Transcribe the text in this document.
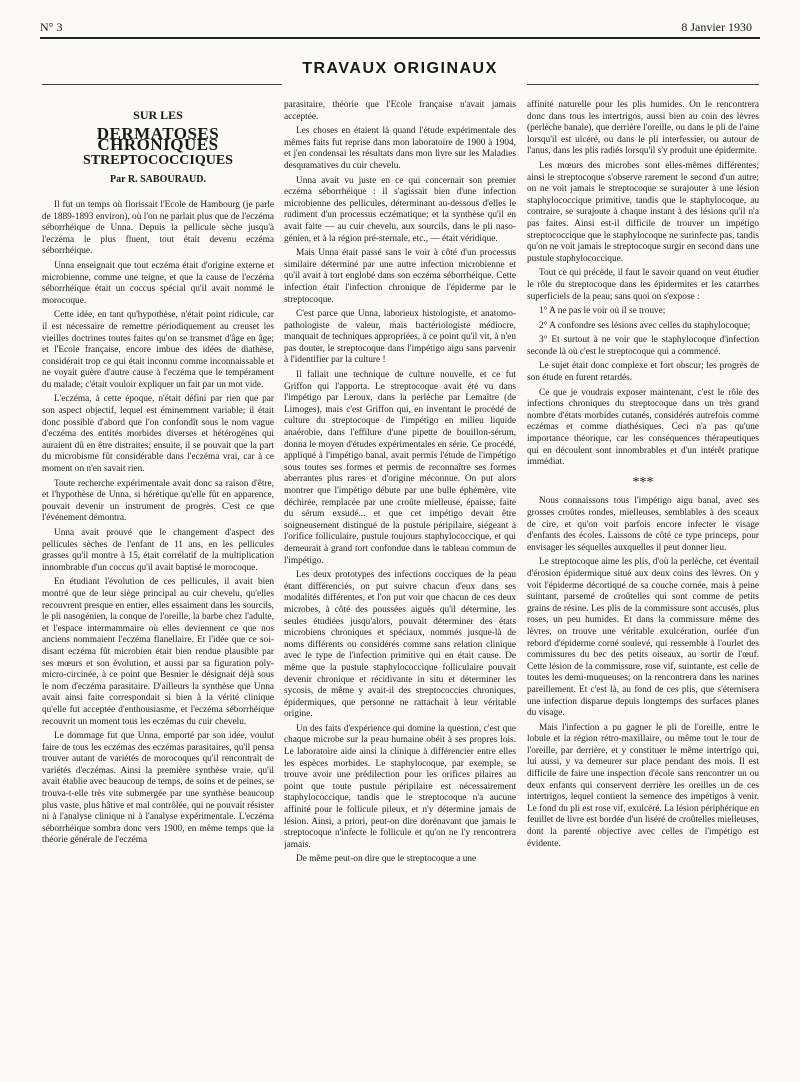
N° 3	8 Janvier 1930
TRAVAUX ORIGINAUX
SUR LES
DERMATOSES CHRONIQUES
STREPTOCOCCIQUES
Par R. SABOURAUD.

Il fut un temps où florissait l'Ecole de Hambourg (je parle de 1889-1893 environ), où l'on ne parlait plus que de l'eczéma séborrhéique de Unna. Depuis la pellicule sèche jusqu'à l'eczéma le plus fluent, tout était devenu eczéma séborrhéique.

Unna enseignait que tout eczéma était d'origine externe et microbienne, comme une teigne, et que la cause de l'eczéma séborrhéique était un coccus spécial qu'il avait nommé le morocoque.

Cette idée, en tant qu'hypothèse, n'était point ridicule, car il est nécessaire de remettre périodiquement au creuset les vieilles doctrines toutes faites qu'on se transmet d'âge en âge; et l'Ecole française, encore imbue des idées de diathèse, considérait trop ce qui était inconnu comme inconnaissable et ne voyait guère d'autre cause à l'eczéma que le tempérament du malade; c'était vouloir expliquer un fait par un mot vide.

L'eczéma, à cette époque, n'était défini par rien que par son aspect objectif, lequel est éminemment variable; il était donc possible d'abord que l'on confondît sous le nom vague d'eczéma des entités morbides diverses et hétérogènes qui auraient dû en être distraites; ensuite, il se pouvait que la part du microbisme fût considérable dans l'eczéma vrai, car à ce moment on n'en savait rien.

Toute recherche expérimentale avait donc sa raison d'être, et l'hypothèse de Unna, si hérétique qu'elle fût en apparence, pouvait devenir un instrument de progrès. C'est ce que l'événement démontra.

Unna avait prouvé que le changement d'aspect des pellicules sèches de l'enfant de 11 ans, en les pellicules grasses qu'il montre à 15, était corrélatif de la multiplication innombrable d'un coccus qu'il avait baptisé le morocoque.

En étudiant l'évolution de ces pellicules, il avait bien montré que de leur siège principal au cuir chevelu, qu'elles recouvrent presque en entier, elles essaiment dans les sourcils, le pli nasogénien, la conque de l'oreille, la barbe chez l'adulte, et l'espace intermammaire où elles deviennent ce que nos anciens nommaient l'eczéma flanellaire. Et l'idée que ce soi-disant eczéma fût microbien était bien rendue plausible par ses mœurs et son évolution, et aussi par sa figuration poly-micro-circinée, à ce point que Besnier le désignait déjà sous le nom d'eczéma parasitaire. D'ailleurs la synthèse que Unna avait ainsi faite correspondait si bien à la vérité clinique qu'elle fut acceptée d'enthousiasme, et l'eczéma séborrhéique recouvrit un moment tous les eczémas du cuir chevelu.

Le dommage fut que Unna, emporté par son idée, voulut faire de tous les eczémas des eczémas parasitaires, qu'il pensa trouver autant de variétés de morocoques qu'il rencontrait de variétés d'eczémas. Ainsi la première synthèse vraie, qu'il avait établie avec beaucoup de temps, de soins et de peines, se trouva-t-elle très vite submergée par une synthèse beaucoup plus vaste, plus hâtive et mal contrôlée, qui ne pouvait résister ni à l'analyse clinique ni à l'analyse expérimentale. L'eczéma séborrhéique sombra donc vers 1900, en même temps que la théorie générale de l'eczéma

parasitaire, théorie que l'Ecole française n'avait jamais acceptée.

Les choses en étaient là quand l'étude expérimentale des mêmes faits fut reprise dans mon laboratoire de 1900 à 1904, et j'en condensai les résultats dans mon livre sur les Maladies desquamatives du cuir chevelu.

Unna avait vu juste en ce qui concernait son premier eczéma séborrhéique : il s'agissait bien d'une infection microbienne des pellicules, déterminant au-dessous d'elles le rudiment d'un processus eczématique; et la synthèse qu'il en avait faite — au cuir chevelu, aux sourcils, dans le pli naso-génien, et à la région pré-sternale, etc., — était véridique.

Mais Unna était passé sans le voir à côté d'un processus similaire déterminé par une autre infection microbienne et qu'il avait à tort englobé dans son eczéma séborrhéique. Cette infection était l'infection chronique de l'épiderme par le streptocoque.

C'est parce que Unna, laborieux histologiste, et anatomo-pathologiste de valeur, mais bactériologiste médiocre, manquait de techniques appropriées, à ce point qu'il vit, à n'en pas douter, le streptocoque dans l'impétigo aigu sans parvenir à l'identifier par la culture !

Il fallait une technique de culture nouvelle, et ce fut Griffon qui l'apporta. Le streptocoque avait été vu dans l'impétigo par Leroux, dans la perlèche par Lemaître (de Limoges), mais c'est Griffon qui, en inventant le procédé de culture du streptocoque de l'impétigo en milieu liquide anaérobie, dans l'effilure d'une pipette de bouillon-sérum, donna le moyen d'études expérimentales en série. Ce procédé, appliqué à l'impétigo banal, avait permis l'étude de l'impétigo sous toutes ses formes et permis de reconnaître ses formes aberrantes plus rares et d'origine méconnue. On put alors montrer que l'impétigo débute par une bulle éphémère, vite déchirée, remplacée par une croûte mielleuse, épaisse, faite du sérum exsudé... et que cet impétigo devait être soigneusement distingué de la pustule péripilaire, siégeant à l'orifice folliculaire, pustule toujours staphylococcique, et qui demeurait à grand tort confondue dans le tableau commun de l'impétigo.

Les deux prototypes des infections cocciques de la peau étant différenciés, on put suivre chacun d'eux dans ses modalités différentes, et l'on put voir que chacun de ces deux microbes, à côté des poussées aiguës qu'il détermine, les seules étudiées jusqu'alors, pouvait déterminer des états microbiens chroniques et spéciaux, nommés jusque-là de noms différents ou considérés comme sans relation clinique avec le type de l'infection primitive qui en était cause. De même que la pustule staphylococcique folliculaire pouvait devenir chronique et récidivante in situ et déterminer les sycosis, de même y avait-il des streptococcies chroniques, épidermiques, que personne ne rattachait à leur véritable origine.

Un des faits d'expérience qui domine la question, c'est que chaque microbe sur la peau humaine obéit à ses propres lois. Le laboratoire aide ainsi la clinique à différencier entre elles les espèces morbides. Le staphylocoque, par exemple, se trouve avoir une prédilection pour les orifices pilaires au point que toute pustule péripilaire est nécessairement staphylococcique, tandis que le streptocoque n'a aucune affinité pour le follicule pileux, et n'y détermine jamais de lésion. Ainsi, a priori, peut-on dire dorénavant que jamais le streptocoque n'infecte le follicule et qu'on ne l'y rencontrera jamais.

De même peut-on dire que le streptocoque a une

affinité naturelle pour les plis humides. On le rencontrera donc dans tous les intertrigos, aussi bien au coin des lèvres (perlèche banale), que derrière l'oreille, ou dans le pli de l'aine lorsqu'il est ulcéré, ou dans le pli interfessier, ou autour de l'anus, dans les plis radiés lorsqu'il s'y produit une épidermite.

Les mœurs des microbes sont elles-mêmes différentes; ainsi le streptocoque s'observe rarement le second d'un autre; on ne voit jamais le streptocoque se surajouter à une lésion staphylococcique primitive, tandis que le staphylocoque, au contraire, se surajoute à chaque instant à des lésions qu'il n'a pas faites. Ainsi est-il difficile de trouver un impétigo streptococcique que le staphylocoque ne surinfecte pas, tandis qu'on ne voit jamais le streptocoque surgir en second dans une pustule staphylococcique.

Tout ce qui précède, il faut le savoir quand on veut étudier le rôle du streptocoque dans les épidermites et les catarrhes superficiels de la peau; sans quoi on s'expose :

1° A ne pas le voir où il se trouve;

2° A confondre ses lésions avec celles du staphylocoque;

3° Et surtout à ne voir que le staphylocoque d'infection seconde là où c'est le streptocoque qui a commencé.

Le sujet était donc complexe et fort obscur; les progrès de son étude en furent retardés.

Ce que je voudrais exposer maintenant, c'est le rôle des infections chroniques du streptocoque dans un très grand nombre d'états morbides cutanés, considérés autrefois comme eczémas et comme diathésiques. Ceci n'a pas qu'une importance théorique, car les conséquences thérapeutiques qui en découlent sont innombrables et d'un intérêt pratique immédiat.

***

Nous connaissons tous l'impétigo aigu banal, avec ses grosses croûtes rondes, mielleuses, semblables à des sceaux de cire, et qu'on voit parfois encore infecter le visage d'enfants des écoles. Laissons de côté ce type princeps, pour envisager les séquelles auxquelles il peut donner lieu.

Le streptocoque aime les plis, d'où la perlèche, cet éventail d'érosion épidermique situé aux deux coins des lèvres. On y voit l'épiderme décortiqué de sa couche cornée, mais à peine suintant, parsemé de croûtelles qui sont comme de petits grains de résine. Les plis de la commissure sont accusés, plus roses, un peu humides. Et dans la commissure même des lèvres, on trouve une véritable exulcération, ourlée d'un rebord d'épiderme corné soulevé, qui ressemble à l'ourlet des commissures du bec des petits oiseaux, au sortir de l'œuf. Cette lésion de la commissure, rose vif, suintante, est celle de toutes les demi-muqueuses; on la rencontrera dans les narines pareillement. Et c'est là, au fond de ces plis, que s'éternisera une infection disparue depuis longtemps des surfaces planes du visage.

Mais l'infection a pu gagner le pli de l'oreille, entre le lobule et la région rétro-maxillaire, ou même tout le tour de l'oreille, par derrière, et y constituer le même intertrigo qui, lui aussi, y va demeurer sur place pendant des mois. Il est difficile de faire une inspection d'école sans rencontrer un ou deux enfants qui conservent derrière les oreilles un de ces intertrigos, lequel contient la semence des impétigos à venir. Le fond du pli est rose vif, exulcéré. La lésion périphérique en feuillet de livre est bordée d'un liséré de croûtelles mielleuses, dont la parenté objective avec celles de l'impétigo est évidente.
